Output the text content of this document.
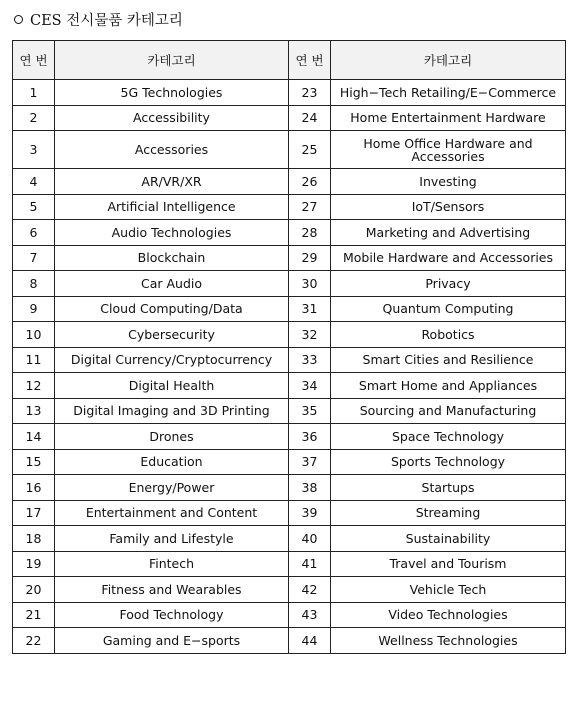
CES 전시물품 카테고리
연 번	카테고리	연 번	카테고리
1	5G Technologies	23	High−Tech Retailing/E−Commerce
2	Accessibility	24	Home Entertainment Hardware
3	Accessories	25	Home Office Hardware and Accessories
4	AR/VR/XR	26	Investing
5	Artificial Intelligence	27	IoT/Sensors
6	Audio Technologies	28	Marketing and Advertising
7	Blockchain	29	Mobile Hardware and Accessories
8	Car Audio	30	Privacy
9	Cloud Computing/Data	31	Quantum Computing
10	Cybersecurity	32	Robotics
11	Digital Currency/Cryptocurrency	33	Smart Cities and Resilience
12	Digital Health	34	Smart Home and Appliances
13	Digital Imaging and 3D Printing	35	Sourcing and Manufacturing
14	Drones	36	Space Technology
15	Education	37	Sports Technology
16	Energy/Power	38	Startups
17	Entertainment and Content	39	Streaming
18	Family and Lifestyle	40	Sustainability
19	Fintech	41	Travel and Tourism
20	Fitness and Wearables	42	Vehicle Tech
21	Food Technology	43	Video Technologies
22	Gaming and E−sports	44	Wellness Technologies
